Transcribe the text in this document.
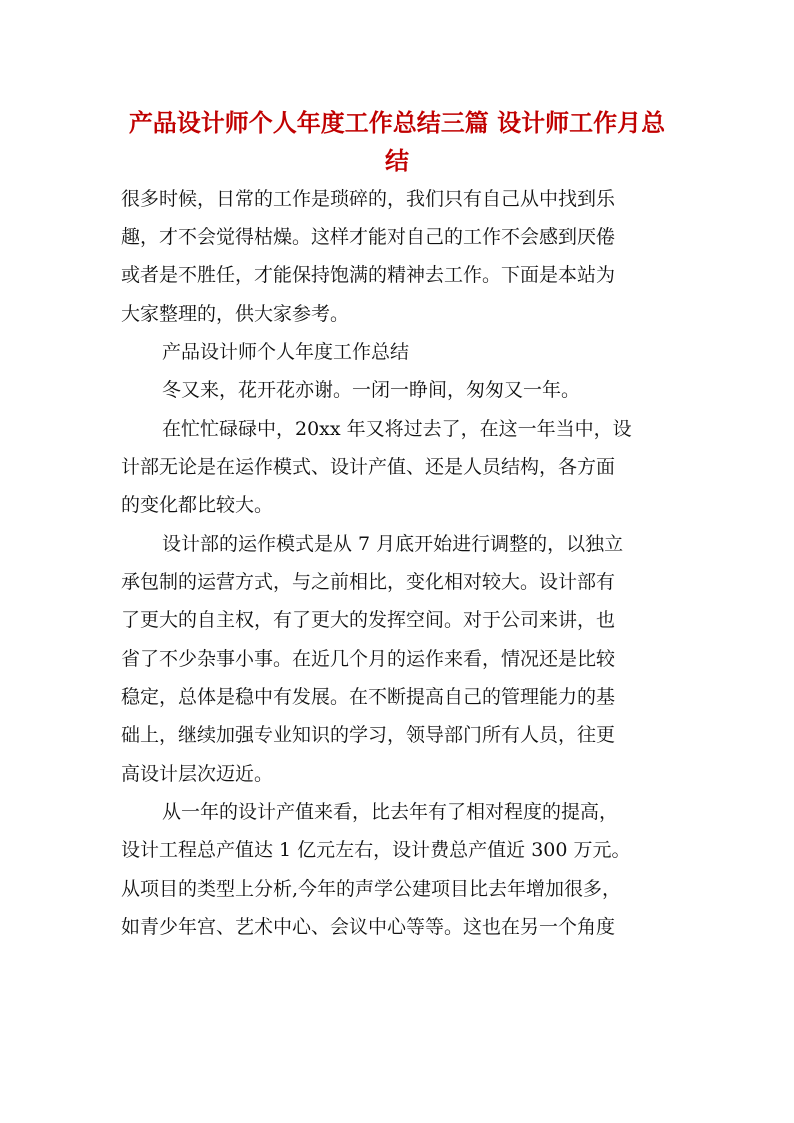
产品设计师个人年度工作总结三篇 设计师工作月总
结
很多时候，日常的工作是琐碎的，我们只有自己从中找到乐
趣，才不会觉得枯燥。这样才能对自己的工作不会感到厌倦
或者是不胜任，才能保持饱满的精神去工作。下面是本站为
大家整理的，供大家参考。
产品设计师个人年度工作总结
冬又来，花开花亦谢。一闭一睁间，匆匆又一年。
在忙忙碌碌中，20xx 年又将过去了，在这一年当中，设
计部无论是在运作模式、设计产值、还是人员结构，各方面
的变化都比较大。
设计部的运作模式是从 7 月底开始进行调整的，以独立
承包制的运营方式，与之前相比，变化相对较大。设计部有
了更大的自主权，有了更大的发挥空间。对于公司来讲，也
省了不少杂事小事。在近几个月的运作来看，情况还是比较
稳定，总体是稳中有发展。在不断提高自己的管理能力的基
础上，继续加强专业知识的学习，领导部门所有人员，往更
高设计层次迈近。
从一年的设计产值来看，比去年有了相对程度的提高，
设计工程总产值达 1 亿元左右，设计费总产值近 300 万元。
从项目的类型上分析,今年的声学公建项目比去年增加很多，
如青少年宫、艺术中心、会议中心等等。这也在另一个角度
